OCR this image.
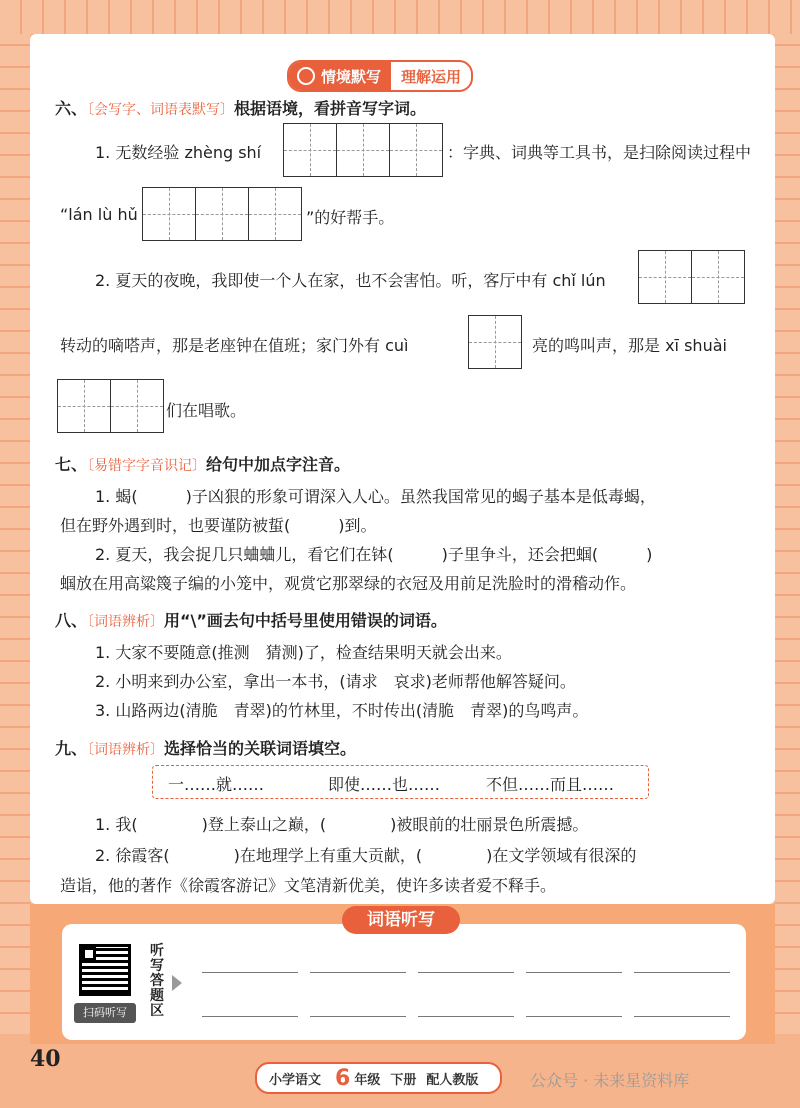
情境默写	理解运用
六、〔会写字、词语表默写〕根据语境，看拼音写字词。
1. 无数经验 zhèng shí	：字典、词典等工具书，是扫除阅读过程中
“lán lù hǔ	”的好帮手。
2. 夏天的夜晚，我即使一个人在家，也不会害怕。听，客厅中有 chǐ lún
转动的嘀嗒声，那是老座钟在值班；家门外有 cuì	亮的鸣叫声，那是 xī shuài
们在唱歌。
七、〔易错字字音识记〕给句中加点字注音。
1. 蝎(　　　)子凶狠的形象可谓深入人心。虽然我国常见的蝎子基本是低毒蝎，
但在野外遇到时，也要谨防被蜇(　　　)到。
2. 夏天，我会捉几只蛐蛐儿，看它们在钵(　　　)子里争斗，还会把蝈(　　　)
蝈放在用高粱篾子编的小笼中，观赏它那翠绿的衣冠及用前足洗脸时的滑稽动作。
八、〔词语辨析〕用“\”画去句中括号里使用错误的词语。
1. 大家不要随意(推测　猜测)了，检查结果明天就会出来。
2. 小明来到办公室，拿出一本书，(请求　哀求)老师帮他解答疑问。
3. 山路两边(清脆　青翠)的竹林里，不时传出(清脆　青翠)的鸟鸣声。
九、〔词语辨析〕选择恰当的关联词语填空。
一……就……	即使……也……	不但……而且……
1. 我(　　　　)登上泰山之巅，(　　　　)被眼前的壮丽景色所震撼。
2. 徐霞客(　　　　)在地理学上有重大贡献，(　　　　)在文学领域有很深的
造诣，他的著作《徐霞客游记》文笔清新优美，使许多读者爱不释手。
词语听写
扫码听写
听写答题区
40
小学语文 6 年级 下册 配人教版	公众号 · 未来星资料库
